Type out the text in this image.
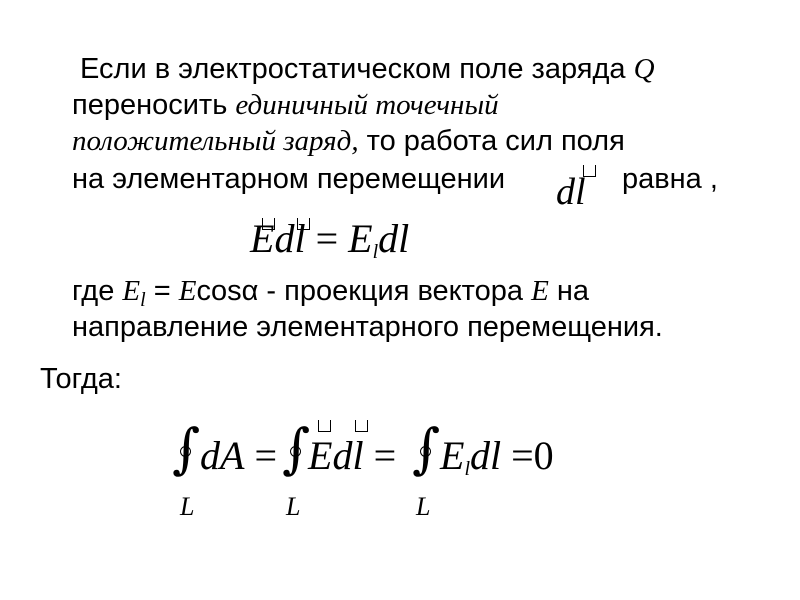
Если в электростатическом поле заряда Q
переносить единичный точечный
положительный заряд, то работа сил поля
на элементарном перемещении dl равна ,
Edl = Eldl
где $E_l = Ecos\alpha$ - проекция вектора E на
направление элементарного перемещения.
Тогда:
∫ dA =
L
∫
Edl =
L
∫ Eldl =0
L
